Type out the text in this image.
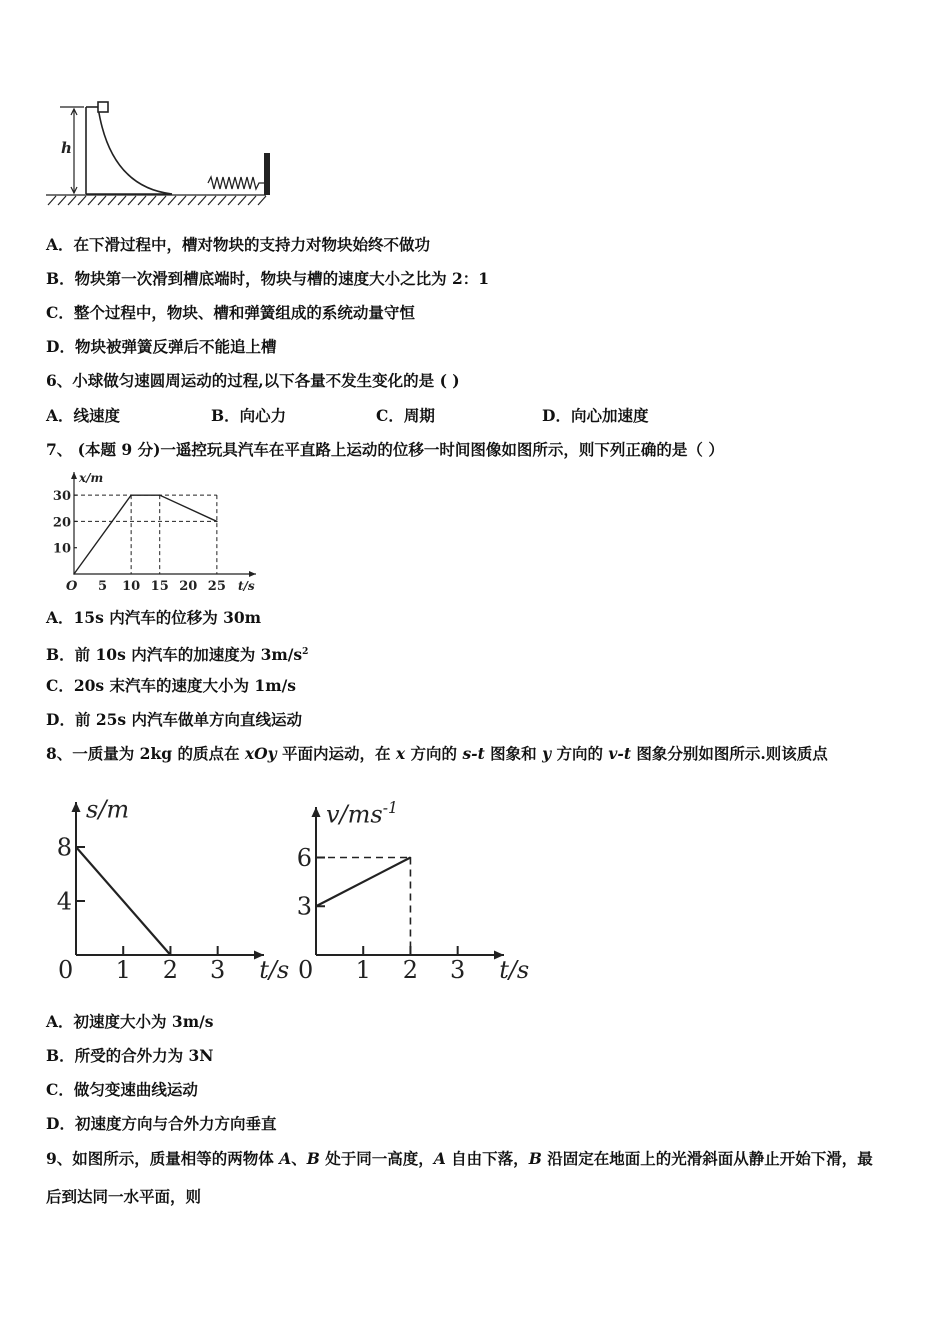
h
A．在下滑过程中，槽对物块的支持力对物块始终不做功
B．物块第一次滑到槽底端时，物块与槽的速度大小之比为 2：1
C．整个过程中，物块、槽和弹簧组成的系统动量守恒
D．物块被弹簧反弹后不能追上槽
6、小球做匀速圆周运动的过程,以下各量不发生变化的是 ( )
A．线速度	B．向心力	C．周期	D．向心加速度
7、 (本题 9 分)一遥控玩具汽车在平直路上运动的位移一时间图像如图所示，则下列正确的是（ ）
O 5 10 15 20 25
10
20
30
t/s
x/m
A．15s 内汽车的位移为 30m
B．前 10s 内汽车的加速度为 $3m/s^2$
C．20s 末汽车的速度大小为 1m/s
D．前 25s 内汽车做单方向直线运动
8、一质量为 2kg 的质点在 xOy 平面内运动，在 x 方向的 s-t 图象和 y 方向的 v-t 图象分别如图所示.则该质点
0 1 2 3
4
8
t/s
s/m
0 1 2 3
3
6
t/s
$v/ms^{-1}$
A．初速度大小为 3m/s
B．所受的合外力为 3N
C．做匀变速曲线运动
D．初速度方向与合外力方向垂直
9、如图所示，质量相等的两物体 A、B 处于同一高度，A 自由下落，B 沿固定在地面上的光滑斜面从静止开始下滑，最
后到达同一水平面，则
